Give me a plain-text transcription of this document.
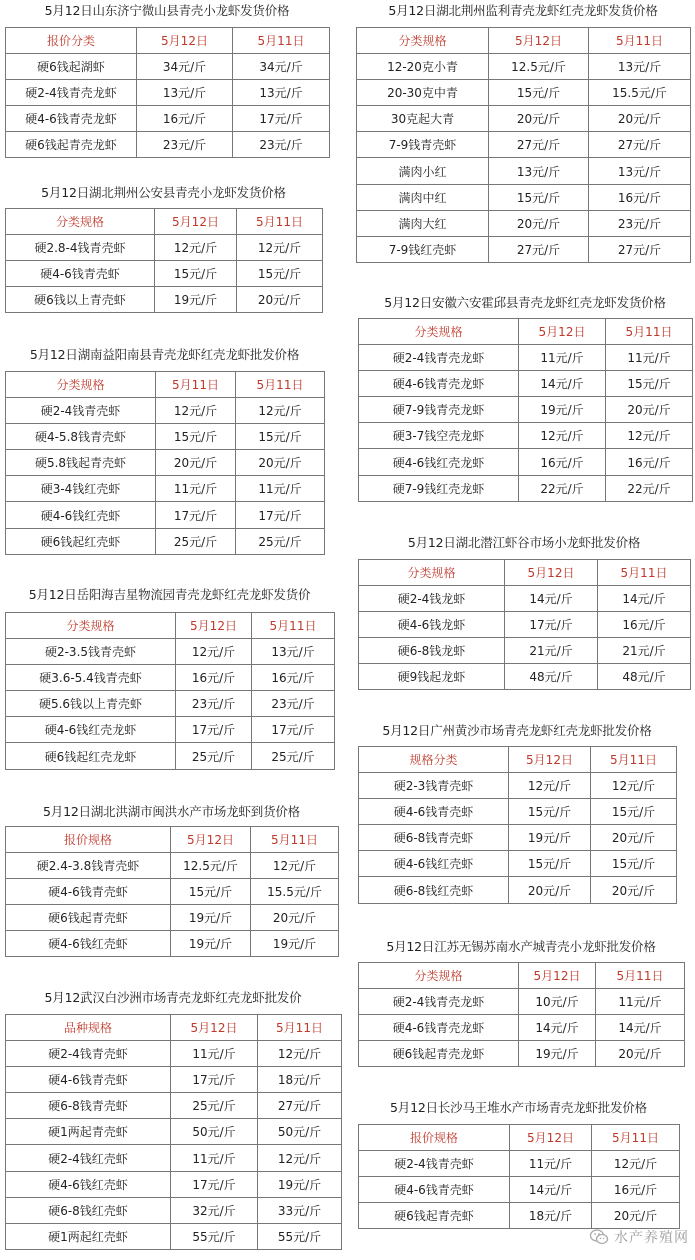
5月12日山东济宁微山县青壳小龙虾发货价格
报价分类	5月12日	5月11日
硬6钱起湖虾	34元/斤	34元/斤
硬2-4钱青壳龙虾	13元/斤	13元/斤
硬4-6钱青壳龙虾	16元/斤	17元/斤
硬6钱起青壳龙虾	23元/斤	23元/斤
5月12日湖北荆州公安县青壳小龙虾发货价格
分类规格	5月12日	5月11日
硬2.8-4钱青壳虾	12元/斤	12元/斤
硬4-6钱青壳虾	15元/斤	15元/斤
硬6钱以上青壳虾	19元/斤	20元/斤
5月12日湖南益阳南县青壳龙虾红壳龙虾批发价格
分类规格	5月11日	5月11日
硬2-4钱青壳虾	12元/斤	12元/斤
硬4-5.8钱青壳虾	15元/斤	15元/斤
硬5.8钱起青壳虾	20元/斤	20元/斤
硬3-4钱红壳虾	11元/斤	11元/斤
硬4-6钱红壳虾	17元/斤	17元/斤
硬6钱起红壳虾	25元/斤	25元/斤
5月12日岳阳海吉星物流园青壳龙虾红壳龙虾发货价
分类规格	5月12日	5月11日
硬2-3.5钱青壳虾	12元/斤	13元/斤
硬3.6-5.4钱青壳虾	16元/斤	16元/斤
硬5.6钱以上青壳虾	23元/斤	23元/斤
硬4-6钱红壳龙虾	17元/斤	17元/斤
硬6钱起红壳龙虾	25元/斤	25元/斤
5月12日湖北洪湖市闽洪水产市场龙虾到货价格
报价规格	5月12日	5月11日
硬2.4-3.8钱青壳虾	12.5元/斤	12元/斤
硬4-6钱青壳虾	15元/斤	15.5元/斤
硬6钱起青壳虾	19元/斤	20元/斤
硬4-6钱红壳虾	19元/斤	19元/斤
5月12武汉白沙洲市场青壳龙虾红壳龙虾批发价
品种规格	5月12日	5月11日
硬2-4钱青壳虾	11元/斤	12元/斤
硬4-6钱青壳虾	17元/斤	18元/斤
硬6-8钱青壳虾	25元/斤	27元/斤
硬1两起青壳虾	50元/斤	50元/斤
硬2-4钱红壳虾	11元/斤	12元/斤
硬4-6钱红壳虾	17元/斤	19元/斤
硬6-8钱红壳虾	32元/斤	33元/斤
硬1两起红壳虾	55元/斤	55元/斤
5月12日湖北荆州监利青壳龙虾红壳龙虾发货价格
分类规格	5月12日	5月11日
12-20克小青	12.5元/斤	13元/斤
20-30克中青	15元/斤	15.5元/斤
30克起大青	20元/斤	20元/斤
7-9钱青壳虾	27元/斤	27元/斤
满肉小红	13元/斤	13元/斤
满肉中红	15元/斤	16元/斤
满肉大红	20元/斤	23元/斤
7-9钱红壳虾	27元/斤	27元/斤
5月12日安徽六安霍邱县青壳龙虾红壳龙虾发货价格
分类规格	5月12日	5月11日
硬2-4钱青壳龙虾	11元/斤	11元/斤
硬4-6钱青壳龙虾	14元/斤	15元/斤
硬7-9钱青壳龙虾	19元/斤	20元/斤
硬3-7钱空壳龙虾	12元/斤	12元/斤
硬4-6钱红壳龙虾	16元/斤	16元/斤
硬7-9钱红壳龙虾	22元/斤	22元/斤
5月12日湖北潜江虾谷市场小龙虾批发价格
分类规格	5月12日	5月11日
硬2-4钱龙虾	14元/斤	14元/斤
硬4-6钱龙虾	17元/斤	16元/斤
硬6-8钱龙虾	21元/斤	21元/斤
硬9钱起龙虾	48元/斤	48元/斤
5月12日广州黄沙市场青壳龙虾红壳龙虾批发价格
规格分类	5月12日	5月11日
硬2-3钱青壳虾	12元/斤	12元/斤
硬4-6钱青壳虾	15元/斤	15元/斤
硬6-8钱青壳虾	19元/斤	20元/斤
硬4-6钱红壳虾	15元/斤	15元/斤
硬6-8钱红壳虾	20元/斤	20元/斤
5月12日江苏无锡苏南水产城青壳小龙虾批发价格
分类规格	5月12日	5月11日
硬2-4钱青壳龙虾	10元/斤	11元/斤
硬4-6钱青壳龙虾	14元/斤	14元/斤
硬6钱起青壳龙虾	19元/斤	20元/斤
5月12日长沙马王堆水产市场青壳龙虾批发价格
报价规格	5月12日	5月11日
硬2-4钱青壳虾	11元/斤	12元/斤
硬4-6钱青壳虾	14元/斤	16元/斤
硬6钱起青壳虾	18元/斤	20元/斤
水产养殖网
